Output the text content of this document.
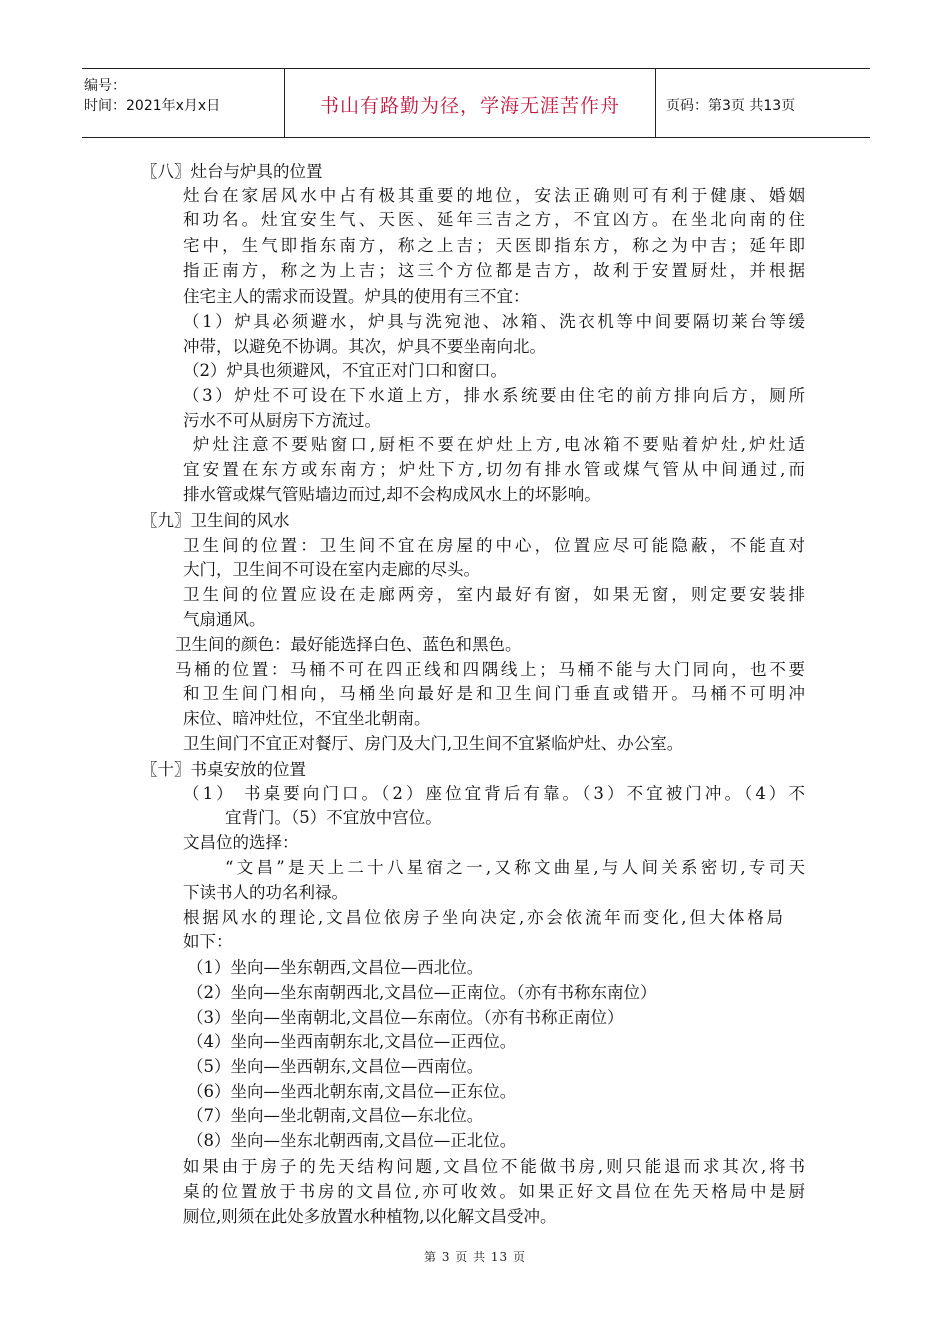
编号：
时间：2021年x月x日	书山有路勤为径，学海无涯苦作舟	页码：第3页 共13页
〖八〗灶台与炉具的位置
灶台在家居风水中占有极其重要的地位，安法正确则可有利于健康、婚姻
和功名。灶宜安生气、天医、延年三吉之方，不宜凶方。在坐北向南的住
宅中，生气即指东南方，称之上吉；天医即指东方，称之为中吉；延年即
指正南方，称之为上吉；这三个方位都是吉方，故利于安置厨灶，并根据
住宅主人的需求而设置。炉具的使用有三不宜：
（1）炉具必须避水，炉具与洗宛池、冰箱、洗衣机等中间要隔切莱台等缓
冲带，以避免不协调。其次，炉具不要坐南向北。
（2）炉具也须避风，不宜正对门口和窗口。
（3）炉灶不可设在下水道上方，排水系统要由住宅的前方排向后方，厕所
污水不可从厨房下方流过。
炉灶注意不要贴窗口,厨柜不要在炉灶上方,电冰箱不要贴着炉灶,炉灶适
宜安置在东方或东南方；炉灶下方,切勿有排水管或煤气管从中间通过,而
排水管或煤气管贴墙边而过,却不会构成风水上的坏影响。
〖九〗卫生间的风水
卫生间的位置：卫生间不宜在房屋的中心，位置应尽可能隐蔽，不能直对
大门，卫生间不可设在室内走廊的尽头。
卫生间的位置应设在走廊两旁，室内最好有窗，如果无窗，则定要安装排
气扇通风。
卫生间的颜色：最好能选择白色、蓝色和黑色。
马桶的位置：马桶不可在四正线和四隅线上；马桶不能与大门同向，也不要
和卫生间门相向，马桶坐向最好是和卫生间门垂直或错开。马桶不可明冲
床位、暗冲灶位，不宜坐北朝南。
卫生间门不宜正对餐厅、房门及大门,卫生间不宜紧临炉灶、办公室。
〖十〗书桌安放的位置
（1） 书桌要向门口。（2）座位宜背后有靠。（3）不宜被门冲。（4）不
宜背门。（5）不宜放中宫位。
文昌位的选择：
“文昌”是天上二十八星宿之一,又称文曲星,与人间关系密切,专司天
下读书人的功名利禄。
根据风水的理论,文昌位依房子坐向决定,亦会依流年而变化,但大体格局
如下：
（1）坐向—坐东朝西,文昌位—西北位。
（2）坐向—坐东南朝西北,文昌位—正南位。（亦有书称东南位）
（3）坐向—坐南朝北,文昌位—东南位。（亦有书称正南位）
（4）坐向—坐西南朝东北,文昌位—正西位。
（5）坐向—坐西朝东,文昌位—西南位。
（6）坐向—坐西北朝东南,文昌位—正东位。
（7）坐向—坐北朝南,文昌位—东北位。
（8）坐向—坐东北朝西南,文昌位—正北位。
如果由于房子的先天结构问题,文昌位不能做书房,则只能退而求其次,将书
桌的位置放于书房的文昌位,亦可收效。如果正好文昌位在先天格局中是厨
厕位,则须在此处多放置水种植物,以化解文昌受冲。
第 3 页 共 13 页
